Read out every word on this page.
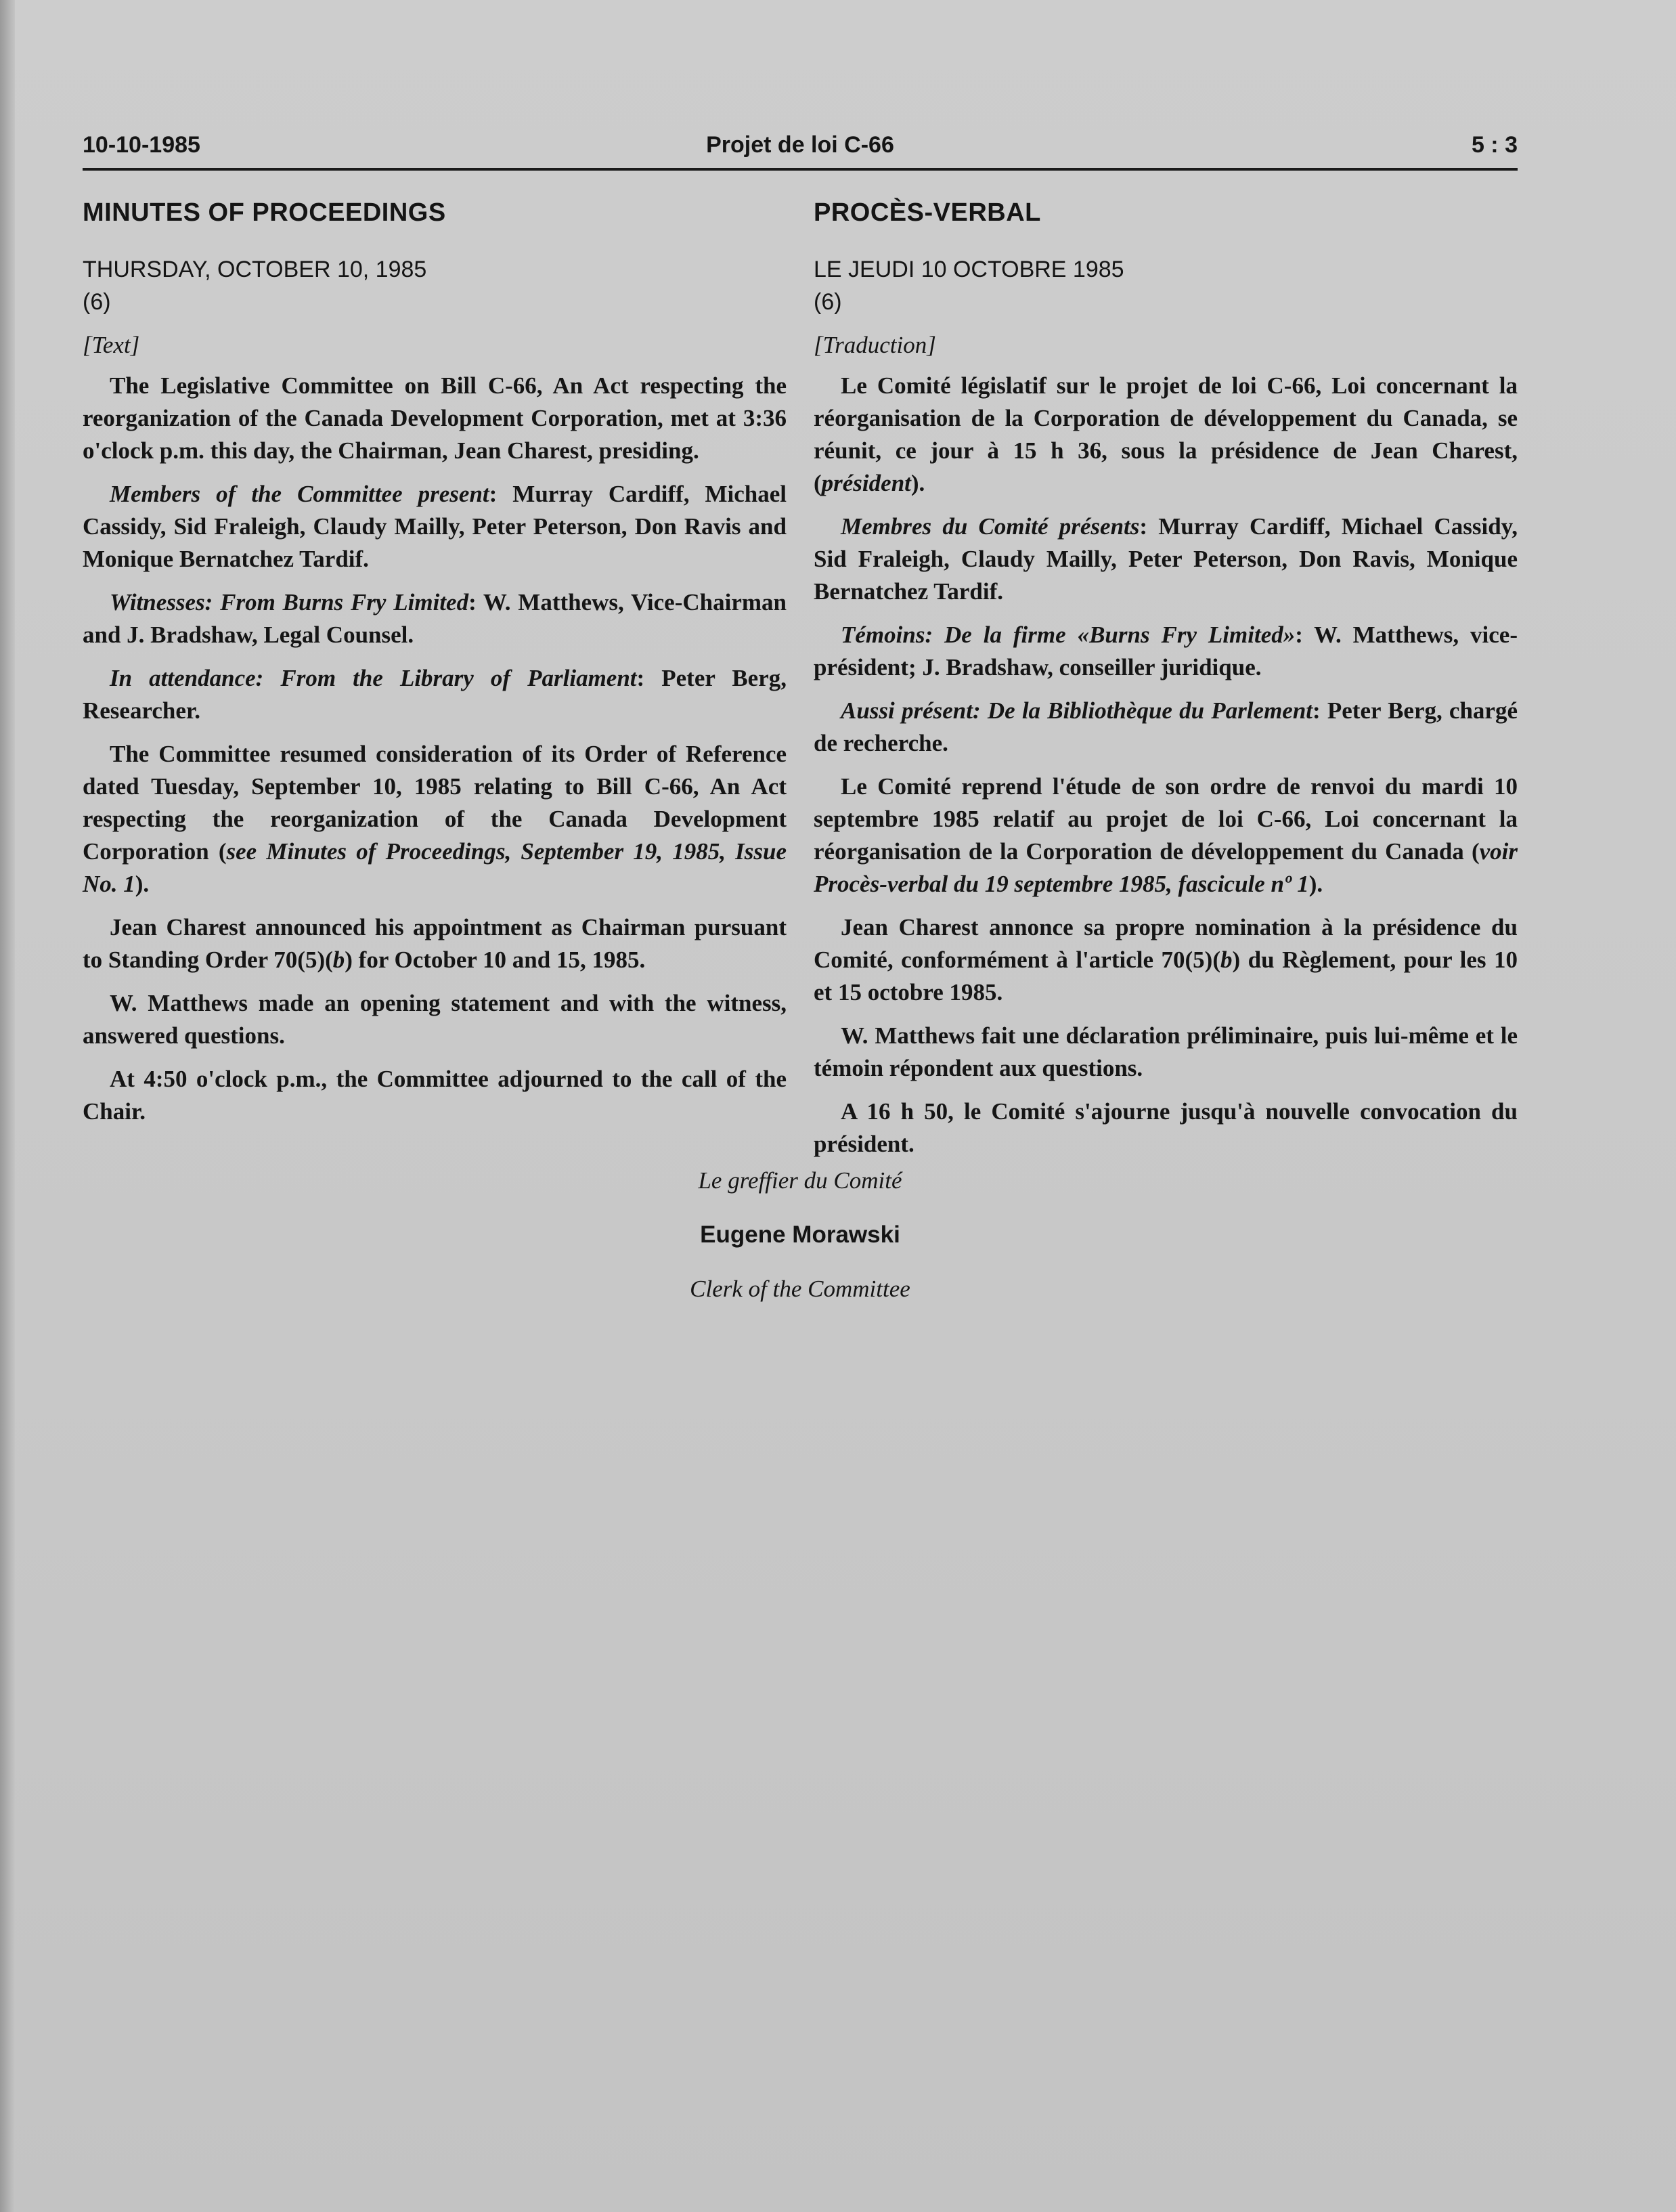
10-10-1985	Projet de loi C-66	5 : 3
MINUTES OF PROCEEDINGS

THURSDAY, OCTOBER 10, 1985

(6)

[Text]

The Legislative Committee on Bill C-66, An Act respecting the reorganization of the Canada Development Corporation, met at 3:36 o'clock p.m. this day, the Chairman, Jean Charest, presiding.

Members of the Committee present: Murray Cardiff, Michael Cassidy, Sid Fraleigh, Claudy Mailly, Peter Peterson, Don Ravis and Monique Bernatchez Tardif.

Witnesses: From Burns Fry Limited: W. Matthews, Vice-Chairman and J. Bradshaw, Legal Counsel.

In attendance: From the Library of Parliament: Peter Berg, Researcher.

The Committee resumed consideration of its Order of Reference dated Tuesday, September 10, 1985 relating to Bill C-66, An Act respecting the reorganization of the Canada Development Corporation (see Minutes of Proceedings, September 19, 1985, Issue No. 1).

Jean Charest announced his appointment as Chairman pursuant to Standing Order 70(5)(b) for October 10 and 15, 1985.

W. Matthews made an opening statement and with the witness, answered questions.

At 4:50 o'clock p.m., the Committee adjourned to the call of the Chair.

PROCÈS-VERBAL

LE JEUDI 10 OCTOBRE 1985

(6)

[Traduction]

Le Comité législatif sur le projet de loi C-66, Loi concernant la réorganisation de la Corporation de développement du Canada, se réunit, ce jour à 15 h 36, sous la présidence de Jean Charest, (président).

Membres du Comité présents: Murray Cardiff, Michael Cassidy, Sid Fraleigh, Claudy Mailly, Peter Peterson, Don Ravis, Monique Bernatchez Tardif.

Témoins: De la firme «Burns Fry Limited»: W. Matthews, vice-président; J. Bradshaw, conseiller juridique.

Aussi présent: De la Bibliothèque du Parlement: Peter Berg, chargé de recherche.

Le Comité reprend l'étude de son ordre de renvoi du mardi 10 septembre 1985 relatif au projet de loi C-66, Loi concernant la réorganisation de la Corporation de développement du Canada (voir Procès-verbal du 19 septembre 1985, fascicule nº 1).

Jean Charest annonce sa propre nomination à la présidence du Comité, conformément à l'article 70(5)(b) du Règlement, pour les 10 et 15 octobre 1985.

W. Matthews fait une déclaration préliminaire, puis lui-même et le témoin répondent aux questions.

A 16 h 50, le Comité s'ajourne jusqu'à nouvelle convocation du président.

Le greffier du Comité
Eugene Morawski
Clerk of the Committee
